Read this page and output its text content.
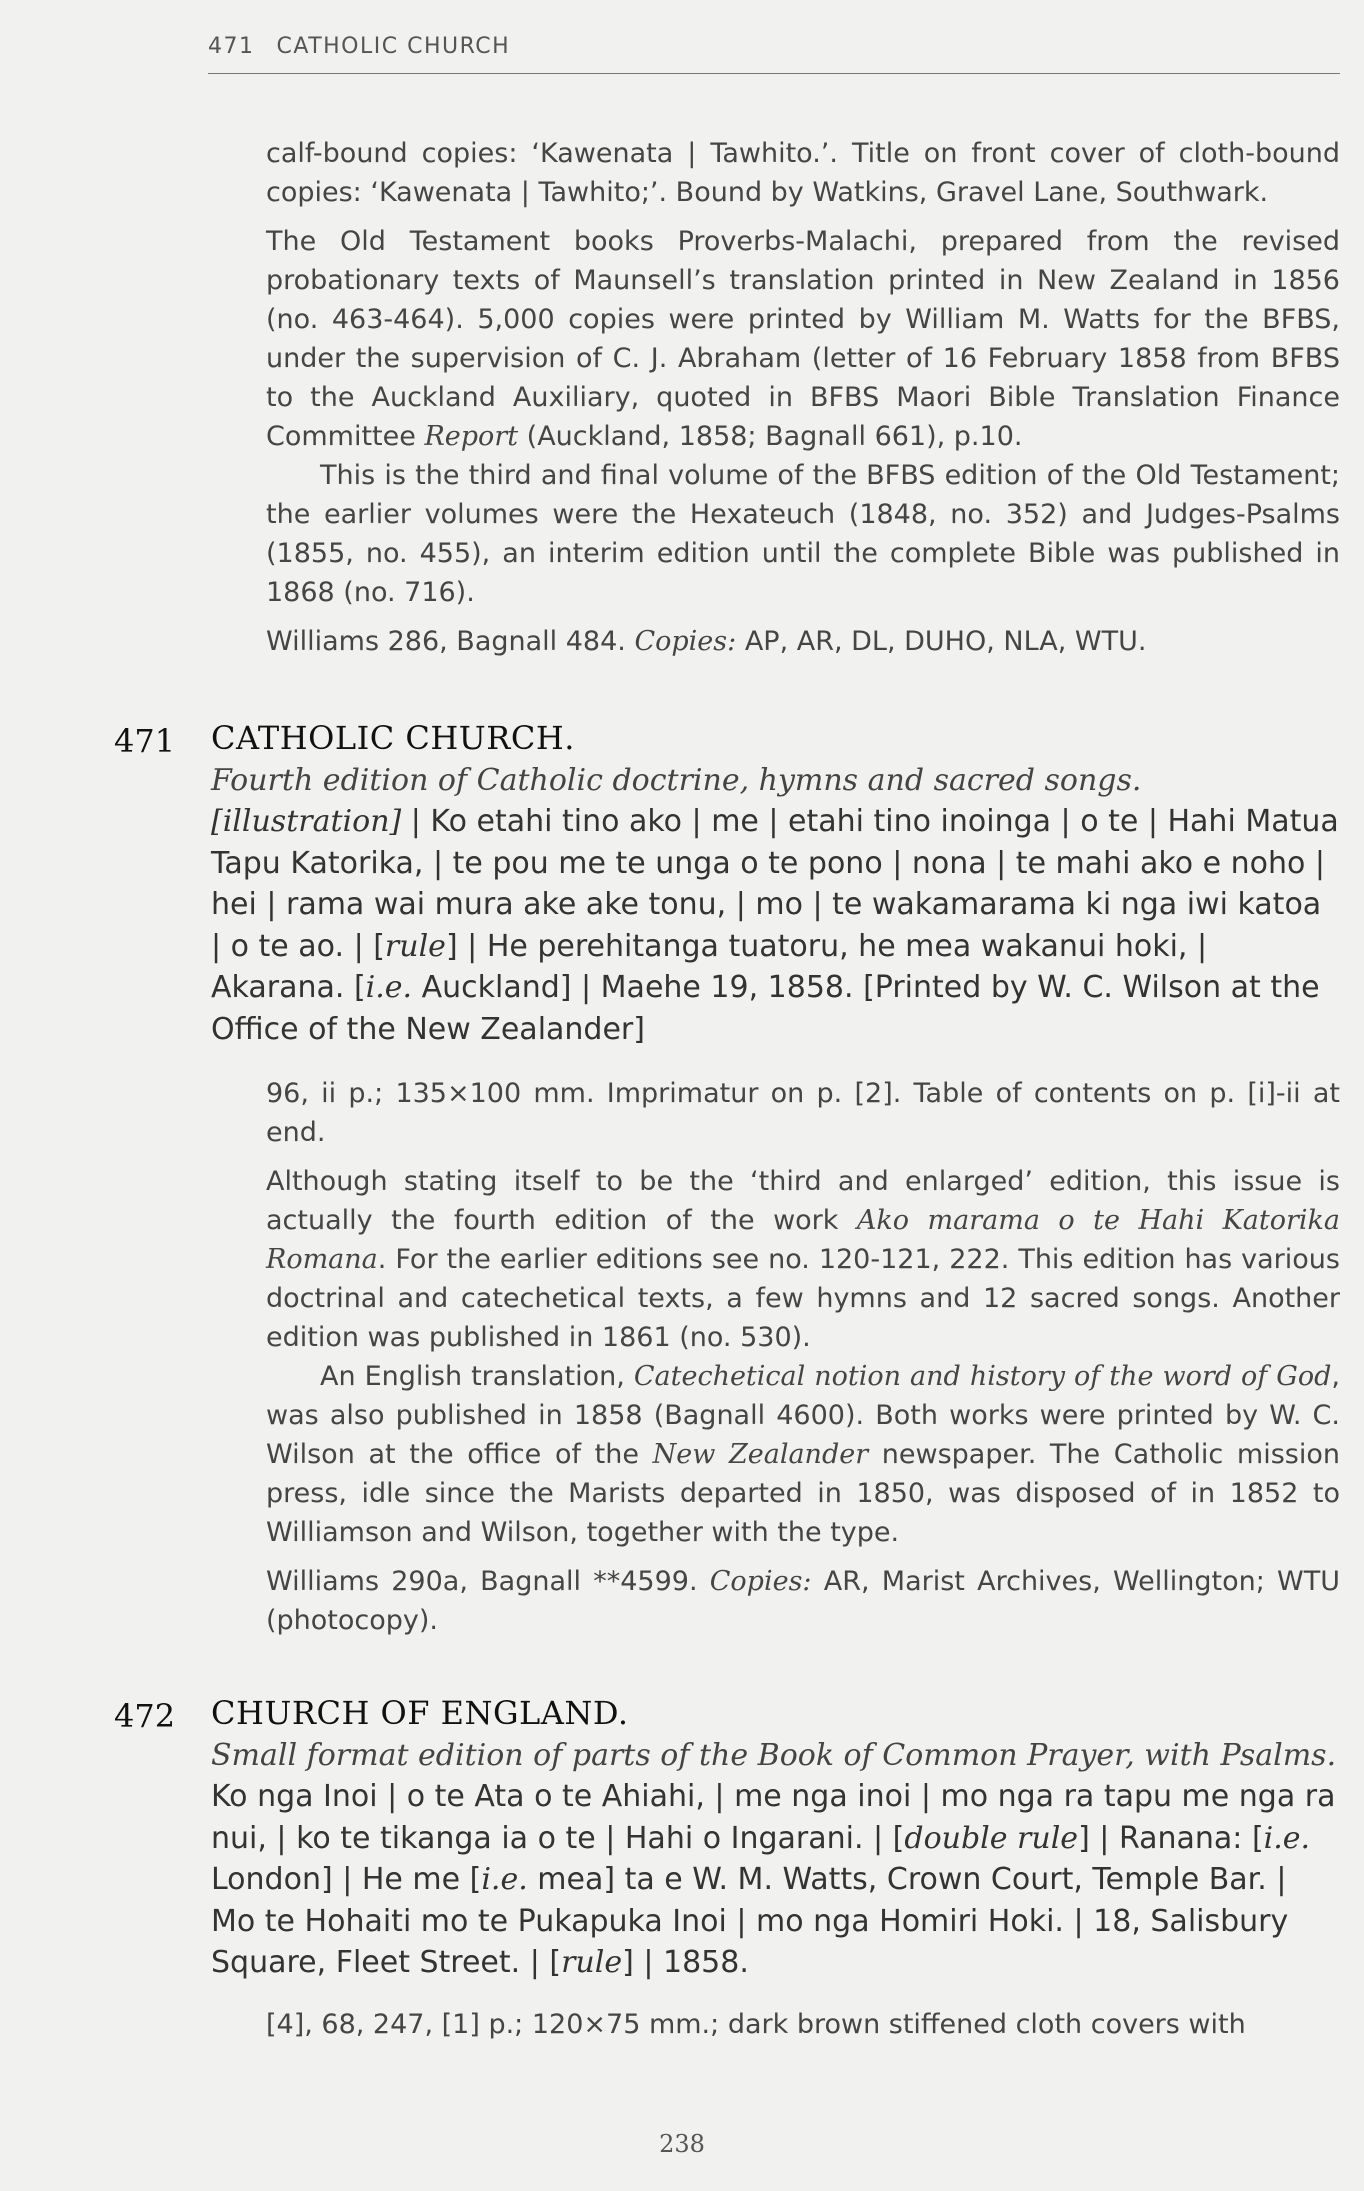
471 CATHOLIC CHURCH

calf-bound copies: ‘Kawenata | Tawhito.’. Title on front cover of cloth-bound copies: ‘Kawenata | Tawhito;’. Bound by Watkins, Gravel Lane, Southwark.

The Old Testament books Proverbs-Malachi, prepared from the revised probationary texts of Maunsell’s translation printed in New Zealand in 1856 (no. 463-464). 5,000 copies were printed by William M. Watts for the BFBS, under the supervision of C. J. Abraham (letter of 16 February 1858 from BFBS to the Auckland Auxiliary, quoted in BFBS Maori Bible Translation Finance Committee Report (Auckland, 1858; Bagnall 661), p.10.

This is the third and final volume of the BFBS edition of the Old Testament; the earlier volumes were the Hexateuch (1848, no. 352) and Judges-Psalms (1855, no. 455), an interim edition until the complete Bible was published in 1868 (no. 716).

Williams 286, Bagnall 484. Copies: AP, AR, DL, DUHO, NLA, WTU.

471 CATHOLIC CHURCH.
Fourth edition of Catholic doctrine, hymns and sacred songs.
[illustration] | Ko etahi tino ako | me | etahi tino inoinga | o te | Hahi Matua Tapu Katorika, | te pou me te unga o te pono | nona | te mahi ako e noho | hei | rama wai mura ake ake tonu, | mo | te wakamarama ki nga iwi katoa | o te ao. | [rule] | He perehitanga tuatoru, he mea wakanui hoki, | Akarana. [i.e. Auckland] | Maehe 19, 1858. [Printed by W. C. Wilson at the Office of the New Zealander]

96, ii p.; 135×100 mm. Imprimatur on p. [2]. Table of contents on p. [i]-ii at end.

Although stating itself to be the ‘third and enlarged’ edition, this issue is actually the fourth edition of the work Ako marama o te Hahi Katorika Romana. For the earlier editions see no. 120-121, 222. This edition has various doctrinal and catechetical texts, a few hymns and 12 sacred songs. Another edition was published in 1861 (no. 530).

An English translation, Catechetical notion and history of the word of God, was also published in 1858 (Bagnall 4600). Both works were printed by W. C. Wilson at the office of the New Zealander newspaper. The Catholic mission press, idle since the Marists departed in 1850, was disposed of in 1852 to Williamson and Wilson, together with the type.

Williams 290a, Bagnall **4599. Copies: AR, Marist Archives, Wellington; WTU (photocopy).

472 CHURCH OF ENGLAND.
Small format edition of parts of the Book of Common Prayer, with Psalms.
Ko nga Inoi | o te Ata o te Ahiahi, | me nga inoi | mo nga ra tapu me nga ra nui, | ko te tikanga ia o te | Hahi o Ingarani. | [double rule] | Ranana: [i.e. London] | He me [i.e. mea] ta e W. M. Watts, Crown Court, Temple Bar. | Mo te Hohaiti mo te Pukapuka Inoi | mo nga Homiri Hoki. | 18, Salisbury Square, Fleet Street. | [rule] | 1858.

[4], 68, 247, [1] p.; 120×75 mm.; dark brown stiffened cloth covers with

238
